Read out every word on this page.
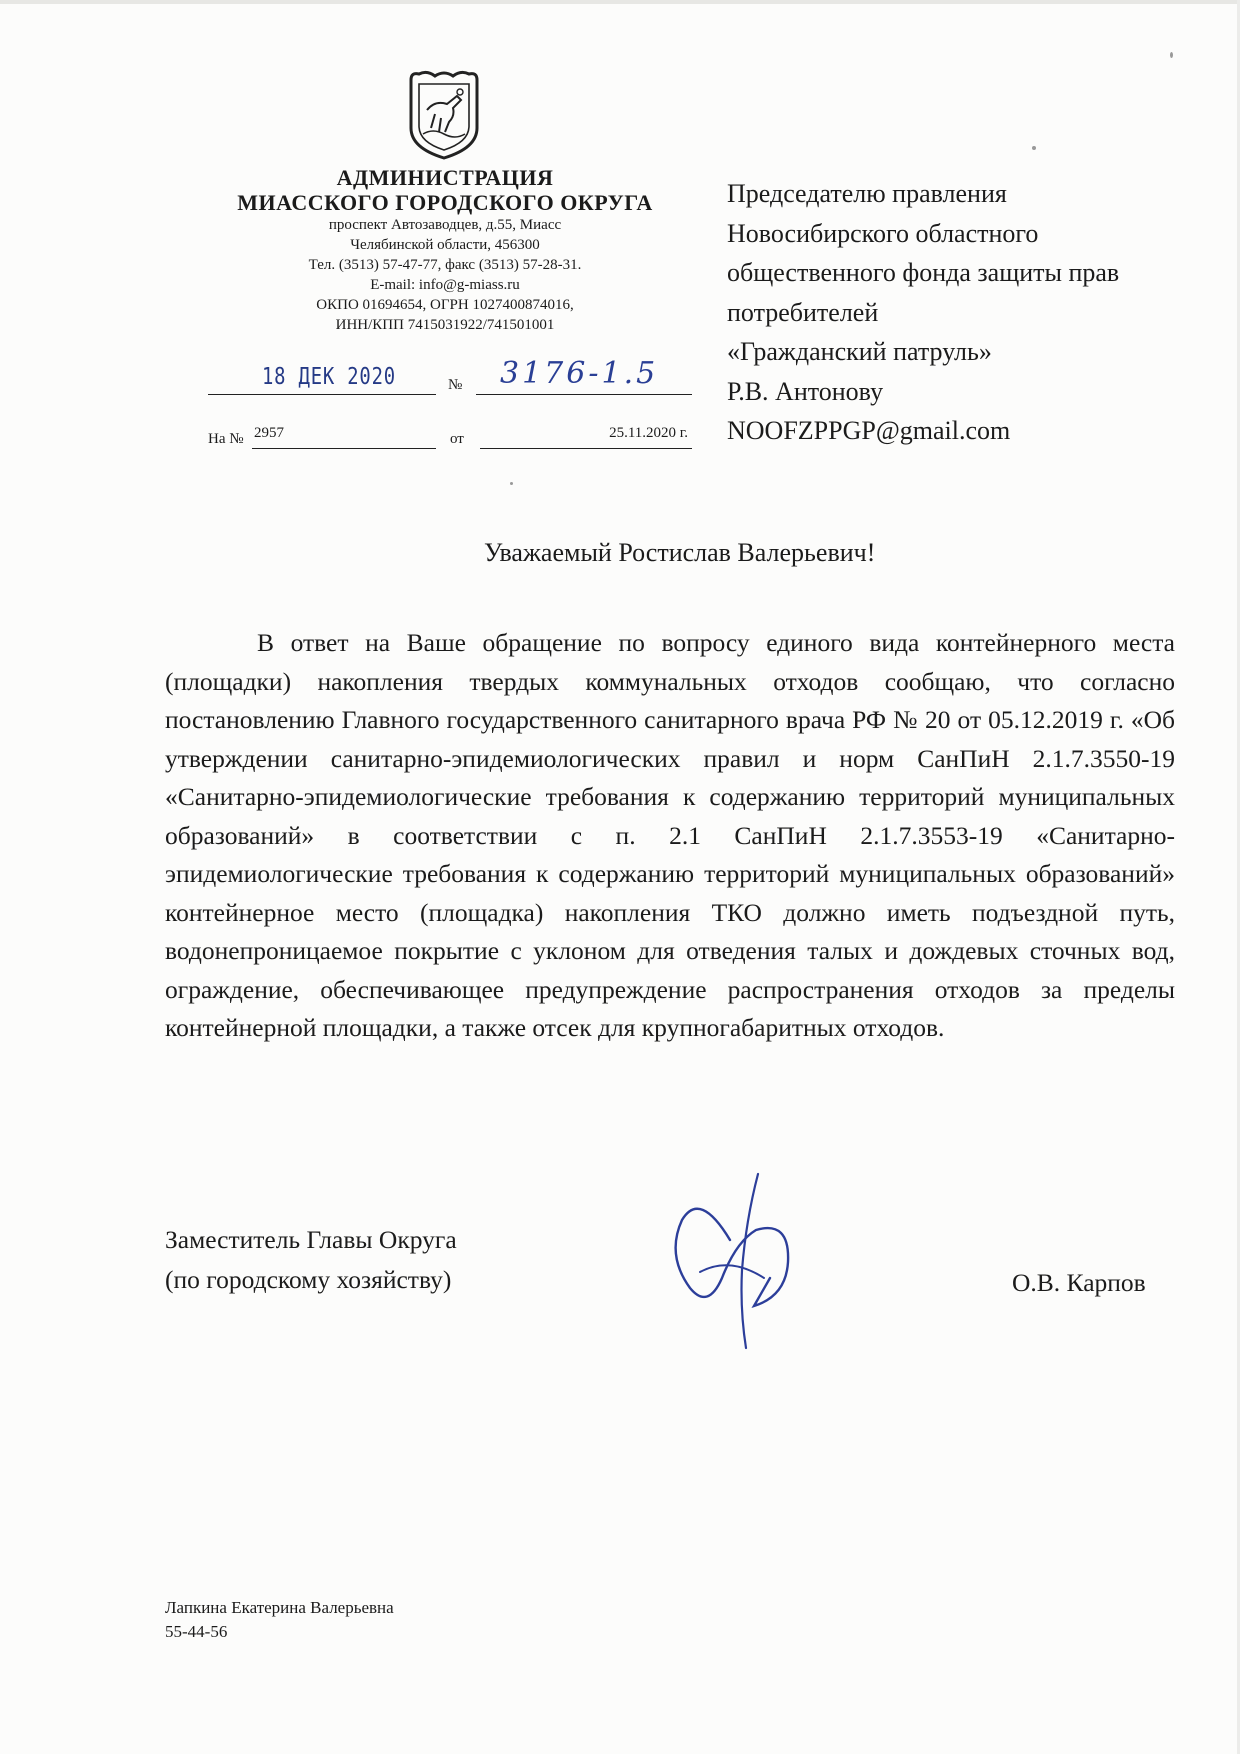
АДМИНИСТРАЦИЯ
МИАССКОГО ГОРОДСКОГО ОКРУГА
проспект Автозаводцев, д.55, Миасс
Челябинской области, 456300
Тел. (3513) 57-47-77, факс (3513) 57-28-31.
E-mail: info@g-miass.ru
ОКПО 01694654, ОГРН 1027400874016,
ИНН/КПП 7415031922/741501001
18 ДЕК 2020	№ 3176-1.5
На № 2957	от	25.11.2020 г.
Председателю правления
Новосибирского областного
общественного фонда защиты прав
потребителей
«Гражданский патруль»
Р.В. Антонову
NOOFZPPGP@gmail.com
Уважаемый Ростислав Валерьевич!
В ответ на Ваше обращение по вопросу единого вида контейнерного места (площадки) накопления твердых коммунальных отходов сообщаю, что согласно постановлению Главного государственного санитарного врача РФ № 20 от 05.12.2019 г. «Об утверждении санитарно-эпидемиологических правил и норм СанПиН 2.1.7.3550-19 «Санитарно-эпидемиологические требования к содержанию территорий муниципальных образований» в соответствии с п. 2.1 СанПиН 2.1.7.3553-19 «Санитарно-эпидемиологические требования к содержанию территорий муниципальных образований» контейнерное место (площадка) накопления ТКО должно иметь подъездной путь, водонепроницаемое покрытие с уклоном для отведения талых и дождевых сточных вод, ограждение, обеспечивающее предупреждение распространения отходов за пределы контейнерной площадки, а также отсек для крупногабаритных отходов.
Заместитель Главы Округа
(по городскому хозяйству)	О.В. Карпов
Лапкина Екатерина Валерьевна
55-44-56
